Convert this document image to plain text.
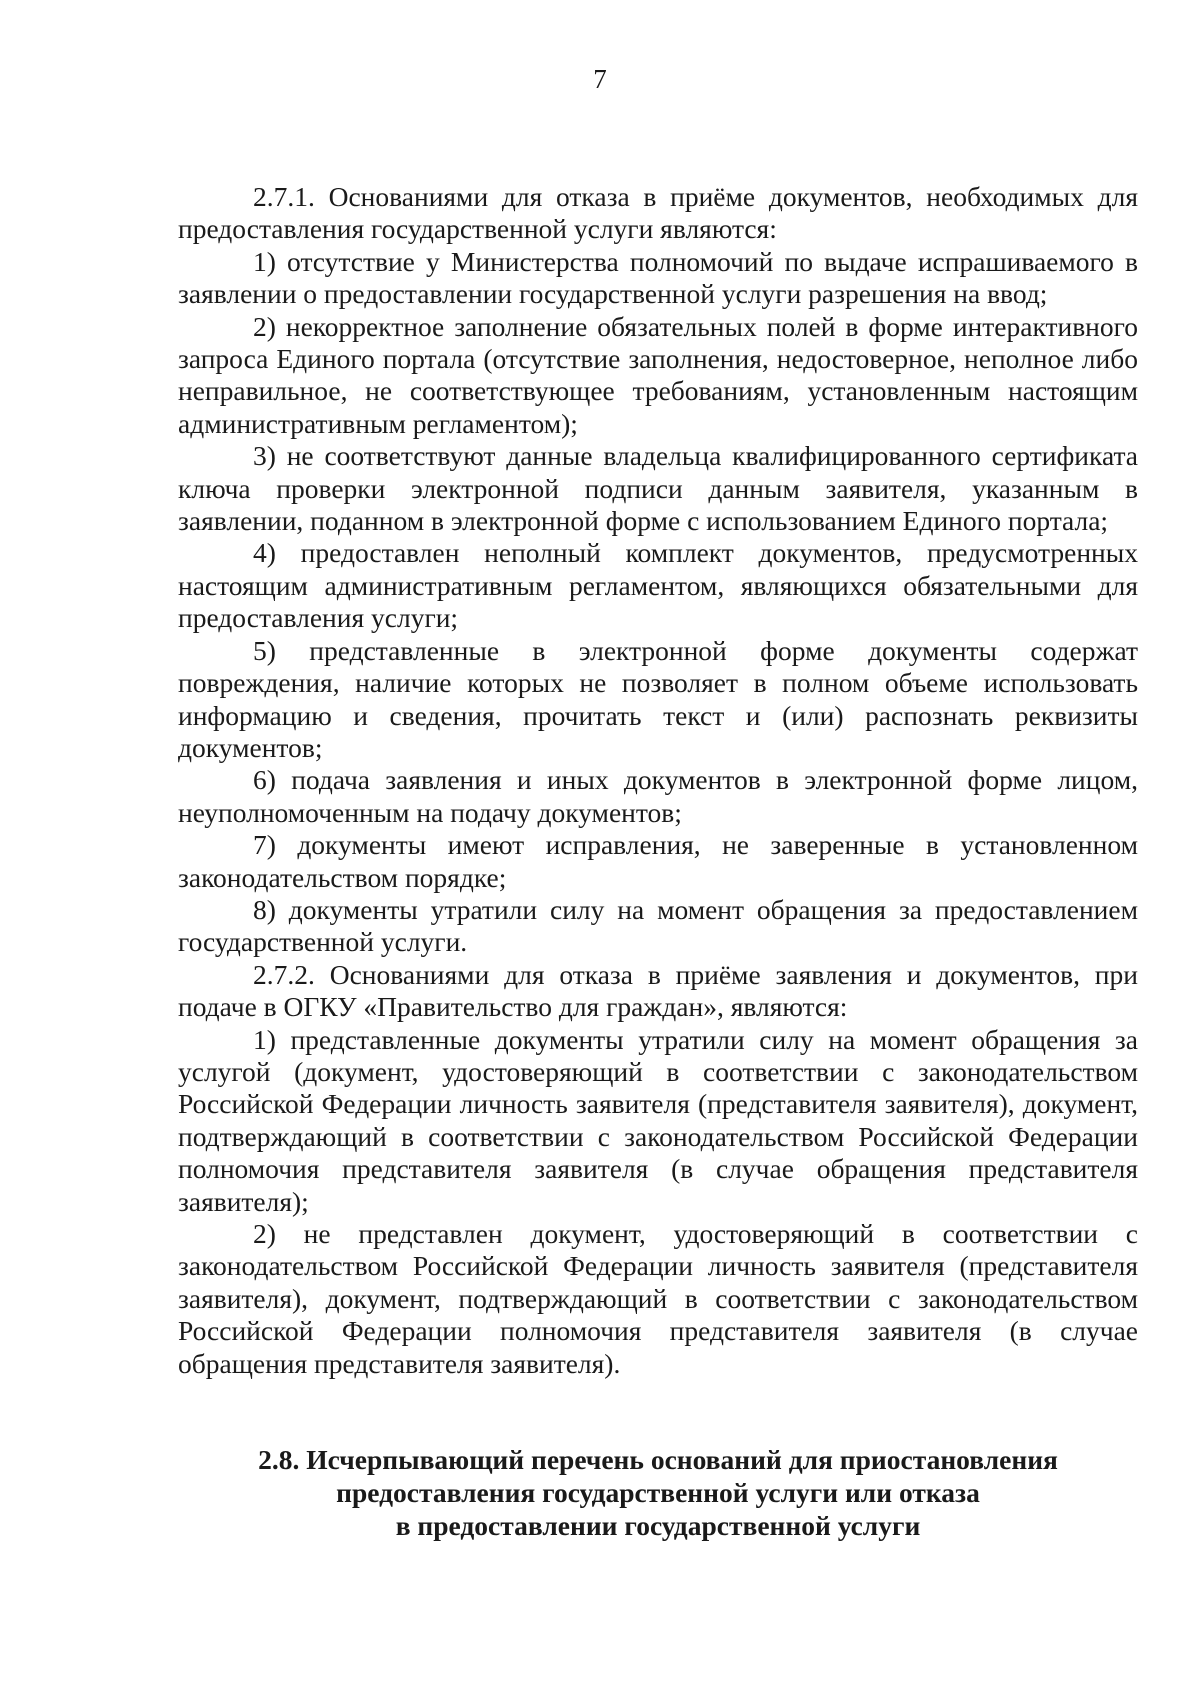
7

2.7.1. Основаниями для отказа в приёме документов, необходимых для предоставления государственной услуги являются:

1) отсутствие у Министерства полномочий по выдаче испрашиваемого в заявлении о предоставлении государственной услуги разрешения на ввод;

2) некорректное заполнение обязательных полей в форме интерактивного запроса Единого портала (отсутствие заполнения, недостоверное, неполное либо неправильное, не соответствующее требованиям, установленным настоящим административным регламентом);

3) не соответствуют данные владельца квалифицированного сертификата ключа проверки электронной подписи данным заявителя, указанным в заявлении, поданном в электронной форме с использованием Единого портала;

4) предоставлен неполный комплект документов, предусмотренных настоящим административным регламентом, являющихся обязательными для предоставления услуги;

5) представленные в электронной форме документы содержат повреждения, наличие которых не позволяет в полном объеме использовать информацию и сведения, прочитать текст и (или) распознать реквизиты документов;

6) подача заявления и иных документов в электронной форме лицом, неуполномоченным на подачу документов;

7) документы имеют исправления, не заверенные в установленном законодательством порядке;

8) документы утратили силу на момент обращения за предоставлением государственной услуги.

2.7.2. Основаниями для отказа в приёме заявления и документов, при подаче в ОГКУ «Правительство для граждан», являются:

1) представленные документы утратили силу на момент обращения за услугой (документ, удостоверяющий в соответствии с законодательством Российской Федерации личность заявителя (представителя заявителя), документ, подтверждающий в соответствии с законодательством Российской Федерации полномочия представителя заявителя (в случае обращения представителя заявителя);

2) не представлен документ, удостоверяющий в соответствии с законодательством Российской Федерации личность заявителя (представителя заявителя), документ, подтверждающий в соответствии с законодательством Российской Федерации полномочия представителя заявителя (в случае обращения представителя заявителя).

2.8. Исчерпывающий перечень оснований для приостановления
предоставления государственной услуги или отказа
в предоставлении государственной услуги
